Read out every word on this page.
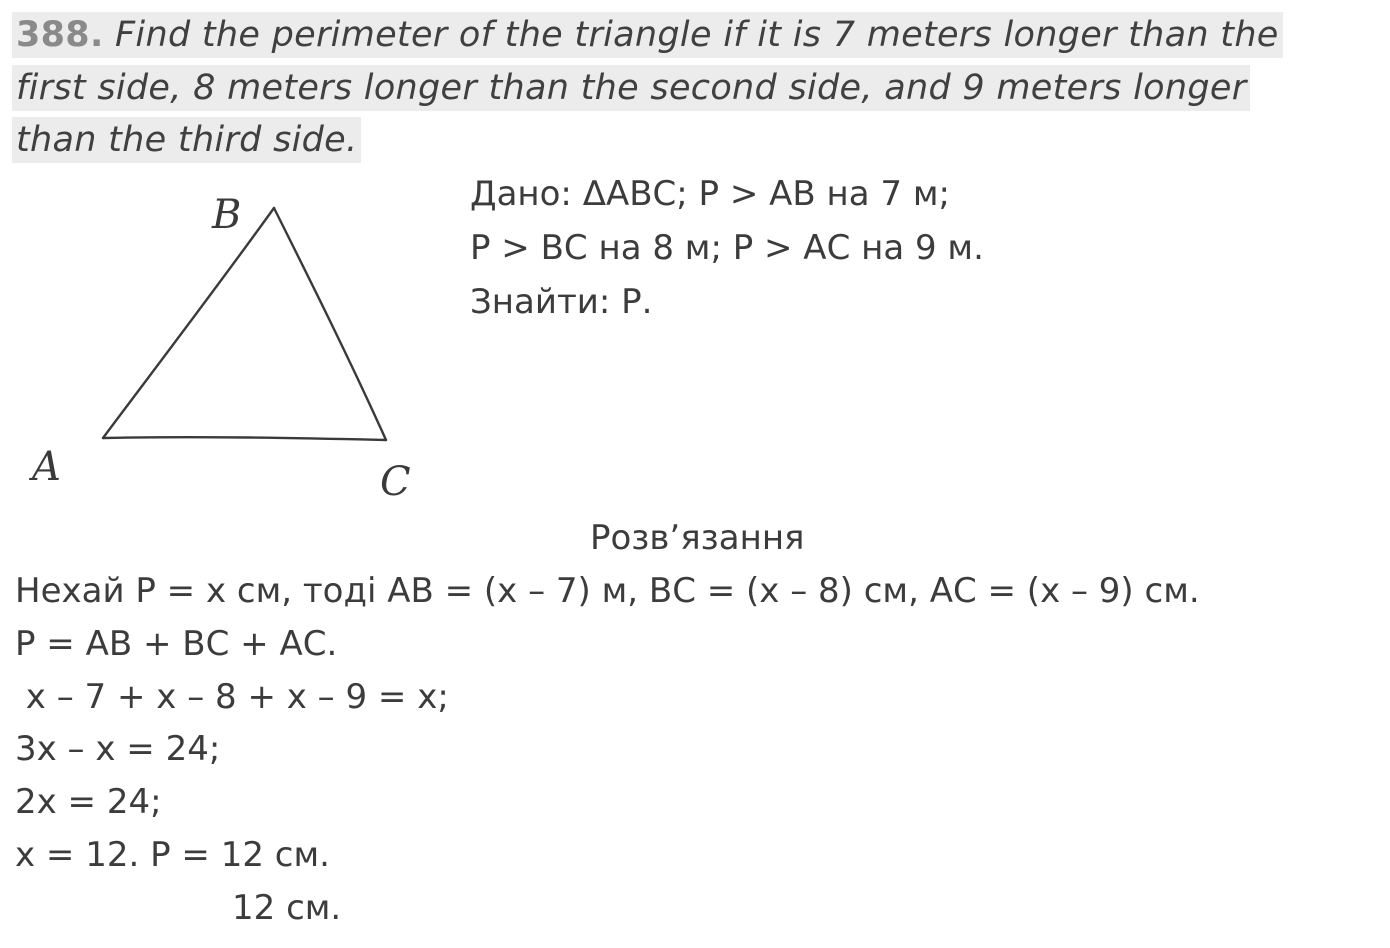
388. Find the perimeter of the triangle if it is 7 meters longer than the
first side, 8 meters longer than the second side, and 9 meters longer
than the third side.
A
B
C
Дано: ΔАВС; Р > АВ на 7 м;
Р > ВС на 8 м; Р > АС на 9 м.
Знайти: Р.
Розв’язання
Нехай Р = х см, тоді АВ = (х – 7) м, ВС = (х – 8) см, АС = (х – 9) см.
Р = АВ + ВС + АС.
х – 7 + х – 8 + х – 9 = х;
3х – х = 24;
2х = 24;
х = 12. Р = 12 см.
12 см.
